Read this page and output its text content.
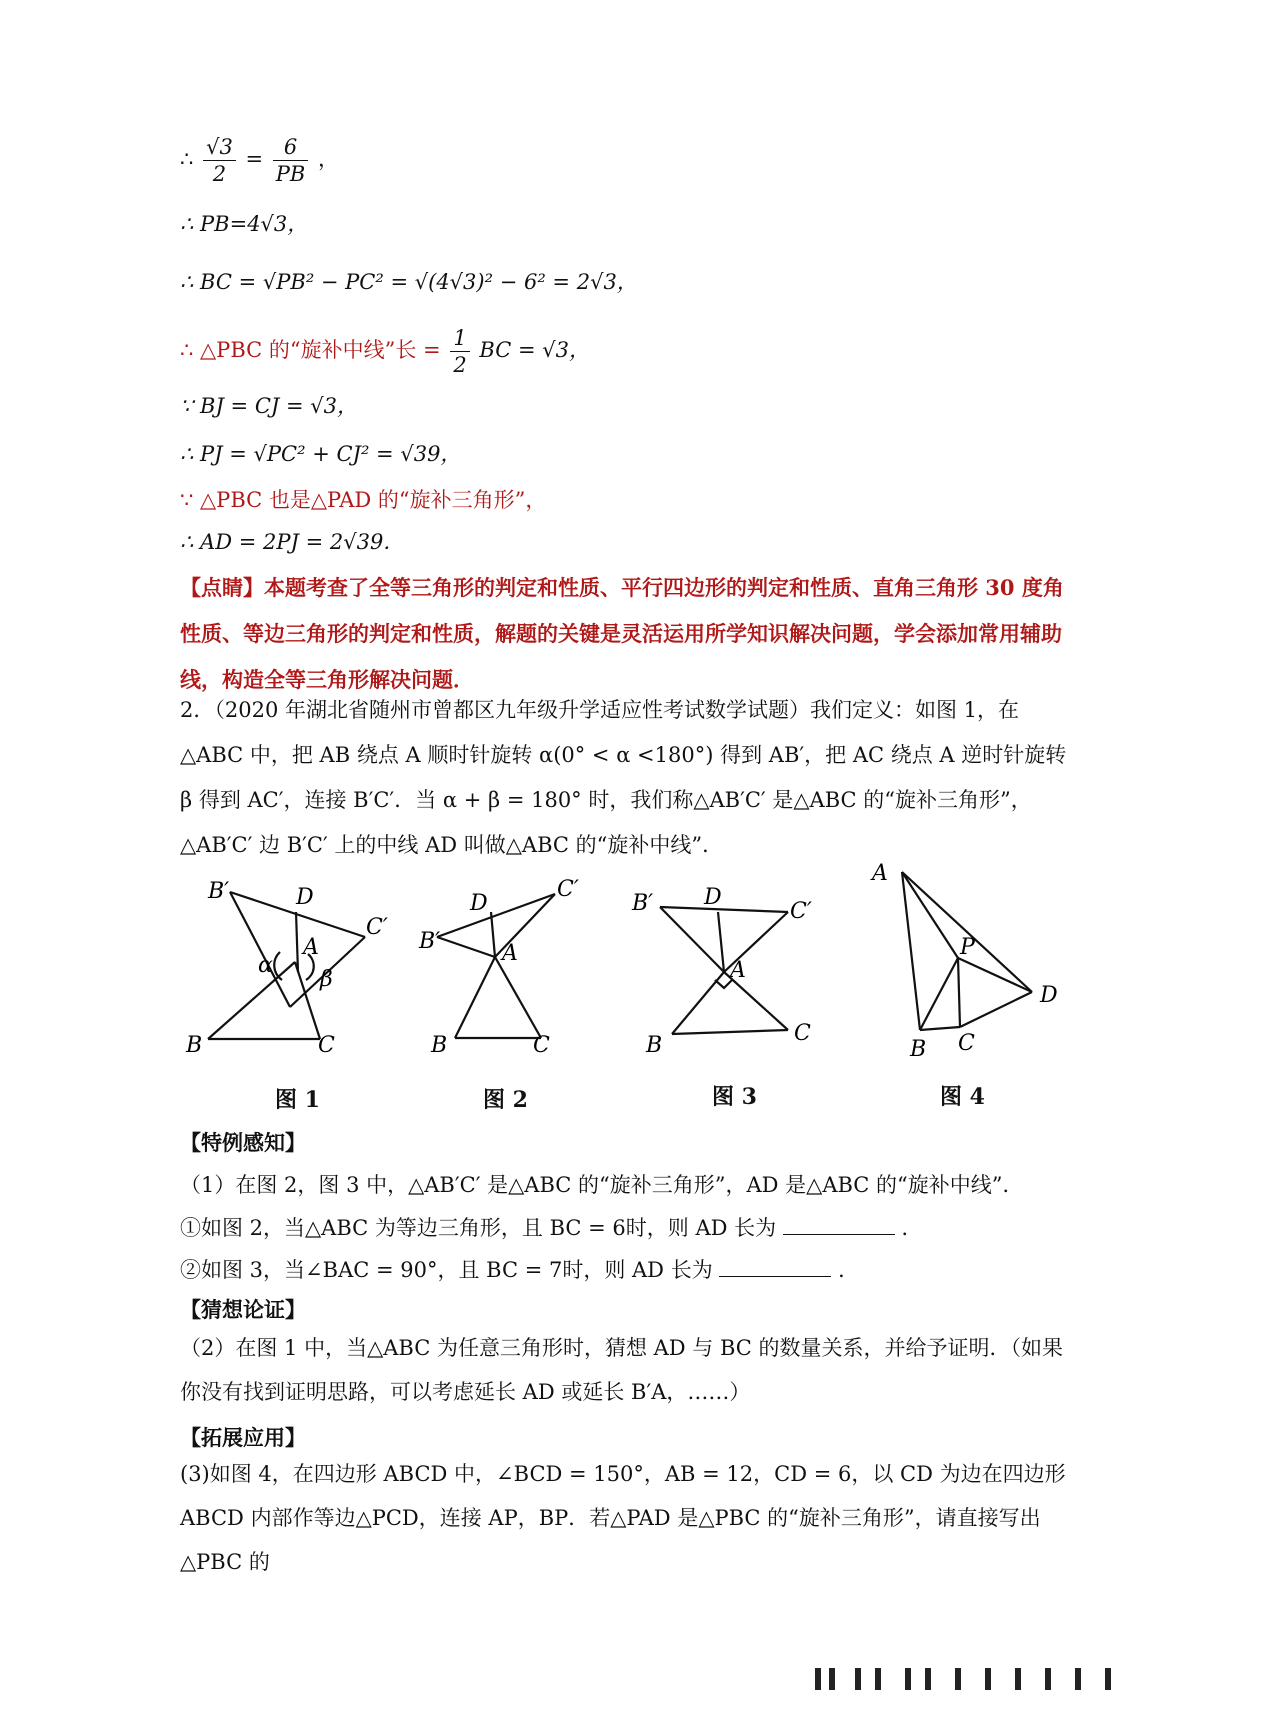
∴ $\frac{√3}{2} = \frac{6}{PB}$ ，
∴ PB=4√3，
∴ BC = √PB² − PC² = √(4√3)² − 6² = 2√3，
∴ △PBC 的“旋补中线”长 = $\frac{1}{2}$ BC = √3，
∵ BJ = CJ = √3，
∴ PJ = √PC² + CJ² = √39，
∵ △PBC 也是△PAD 的“旋补三角形”，
∴ AD = 2PJ = 2√39．
【点睛】本题考查了全等三角形的判定和性质、平行四边形的判定和性质、直角三角形 30 度角性质、等边三角形的判定和性质，解题的关键是灵活运用所学知识解决问题，学会添加常用辅助线，构造全等三角形解决问题．
2．（2020 年湖北省随州市曾都区九年级升学适应性考试数学试题）我们定义：如图 1，在 △ABC 中，把 AB 绕点 A 顺时针旋转 α(0° < α <180°) 得到 AB′，把 AC 绕点 A 逆时针旋转 β 得到 AC′，连接 B′C′．当 α + β = 180° 时，我们称△AB′C′ 是△ABC 的“旋补三角形”，△AB′C′ 边 B′C′ 上的中线 AD 叫做△ABC 的“旋补中线”．
B′	D
C′
A
α
β
B	C
图 1
D
C′
B′	A
B	C
图 2
B′ D
C′
A
B	C
图 3
A
P
D
B C
图 4
【特例感知】
（1）在图 2，图 3 中，△AB′C′ 是△ABC 的“旋补三角形”，AD 是△ABC 的“旋补中线”．
①如图 2，当△ABC 为等边三角形，且 BC = 6时，则 AD 长为	．
②如图 3，当∠BAC = 90°，且 BC = 7时，则 AD 长为	．
【猜想论证】
（2）在图 1 中，当△ABC 为任意三角形时，猜想 AD 与 BC 的数量关系，并给予证明．（如果你没有找到证明思路，可以考虑延长 AD 或延长 B′A，……）
【拓展应用】
(3)如图 4，在四边形 ABCD 中，∠BCD = 150°，AB = 12，CD = 6，以 CD 为边在四边形 ABCD 内部作等边△PCD，连接 AP，BP．若△PAD 是△PBC 的“旋补三角形”，请直接写出△PBC 的
